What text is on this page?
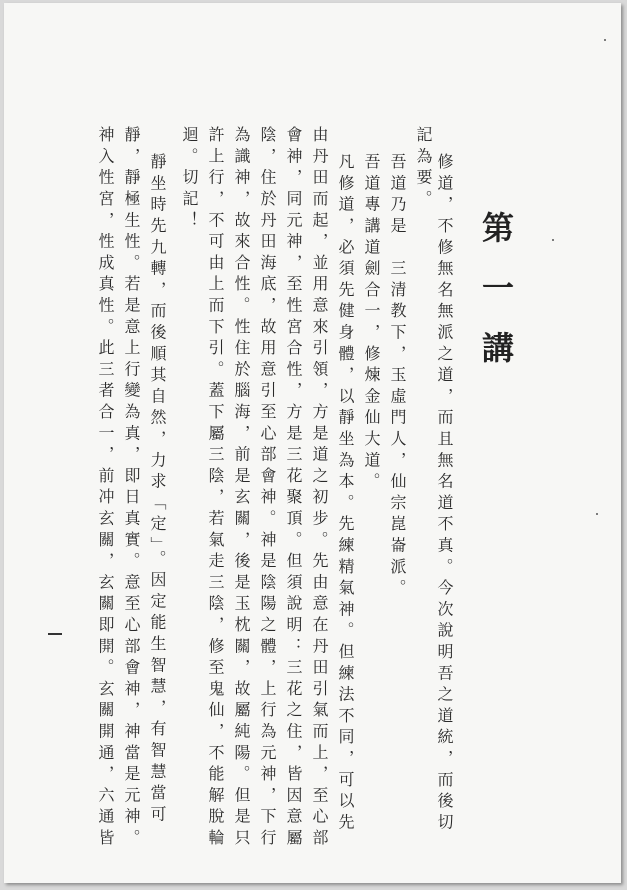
第一講
修道，不修無名無派之道，而且無名道不真。今次說明吾之道統，而後切
記為要。
吾道乃是　三清教下，玉虛門人，仙宗崑崙派。
吾道專講道劍合一，修煉金仙大道。
凡修道，必須先健身體，以靜坐為本。先練精氣神。但練法不同，可以先
由丹田而起，並用意來引領，方是道之初步。先由意在丹田引氣而上，至心部
會神，同元神，至性宮合性，方是三花聚頂。但須說明：三花之住，皆因意屬
陰，住於丹田海底，故用意引至心部會神。神是陰陽之體，上行為元神，下行
為識神，故來合性。性住於腦海，前是玄關，後是玉枕關，故屬純陽。但是只
許上行，不可由上而下引。蓋下屬三陰，若氣走三陰，修至鬼仙，不能解脫輪
迴。切記！
靜坐時先九轉，而後順其自然，力求「定」。因定能生智慧，有智慧當可
靜，靜極生性。若是意上行變為真，即日真實。意至心部會神，神當是元神。
神入性宮，性成真性。此三者合一，前冲玄關，玄關即開。玄關開通，六通皆
